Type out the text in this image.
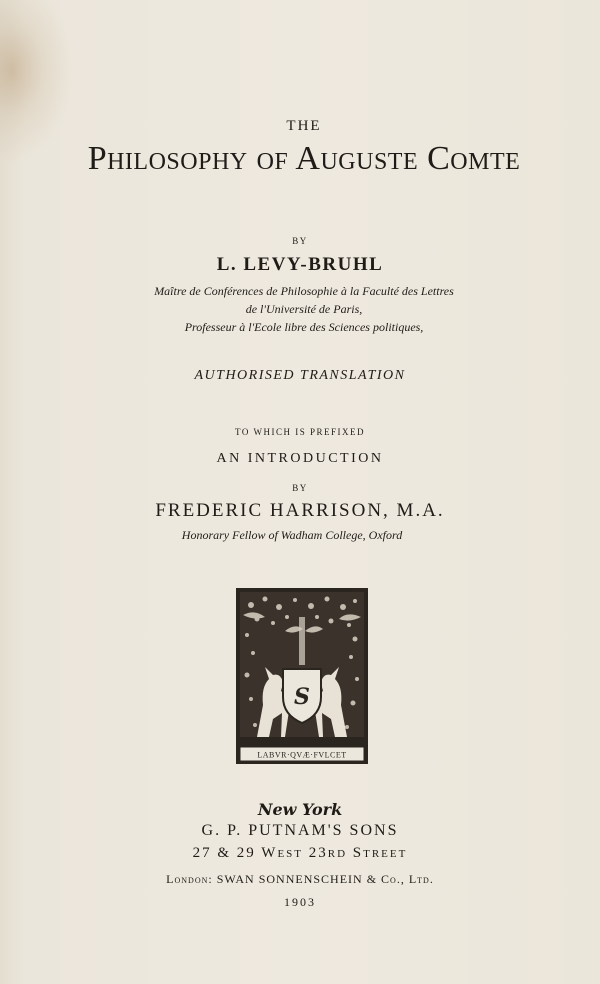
THE
Philosophy of Auguste Comte
BY
L. LEVY-BRUHL
Maître de Conférences de Philosophie à la Faculté des Lettres
de l'Université de Paris,
Professeur à l'Ecole libre des Sciences politiques,
AUTHORISED TRANSLATION
TO WHICH IS PREFIXED
AN INTRODUCTION
BY
FREDERIC HARRISON, M.A.
Honorary Fellow of Wadham College, Oxford
S
LABVR·QVÆ·FVLCET
New York
G. P. PUTNAM'S SONS
27 & 29 West 23rd Street
London: SWAN SONNENSCHEIN & Co., Ltd.
1903
